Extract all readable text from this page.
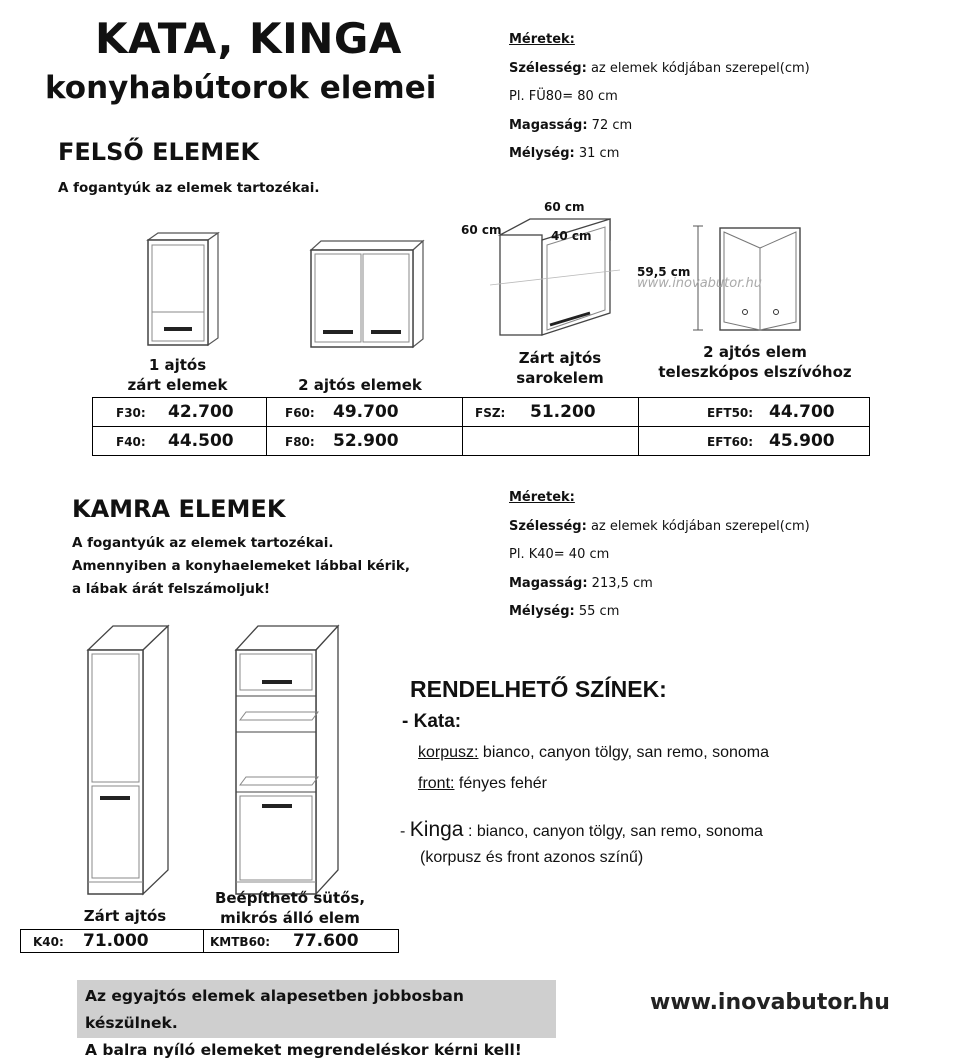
KATA, KINGA
konyhabútorok elemei
Méretek:
Szélesség: az elemek kódjában szerepel(cm)
Pl. FÜ80= 80 cm
Magasság: 72 cm
Mélység: 31 cm
FELSŐ ELEMEK
A fogantyúk az elemek tartozékai.
60 cm
60 cm	40 cm
59,5 cm
www.inovabutor.hu
1 ajtós
zárt elemek	2 ajtós elemek
Zárt ajtós
sarokelem
2 ajtós elem
teleszkópos elszívóhoz
F30: 42.700	F60: 49.700	FSZ: 51.200	EFT50: 44.700
F40: 44.500	F80: 52.900		EFT60: 45.900
KAMRA ELEMEK
A fogantyúk az elemek tartozékai.
Amennyiben a konyhaelemeket lábbal kérik,
a lábak árát felszámoljuk!
Méretek:
Szélesség: az elemek kódjában szerepel(cm)
Pl. K40= 40 cm
Magasság: 213,5 cm
Mélység: 55 cm
Zárt ajtós
Beépíthető sütős,
mikrós álló elem
K40: 71.000	KMTB60: 77.600
RENDELHETŐ SZÍNEK:
- Kata:
korpusz: bianco, canyon tölgy, san remo, sonoma
front: fényes fehér
- Kinga : bianco, canyon tölgy, san remo, sonoma
(korpusz és front azonos színű)
Az egyajtós elemek alapesetben jobbosban készülnek.
A balra nyíló elemeket megrendeléskor kérni kell!
www.inovabutor.hu
